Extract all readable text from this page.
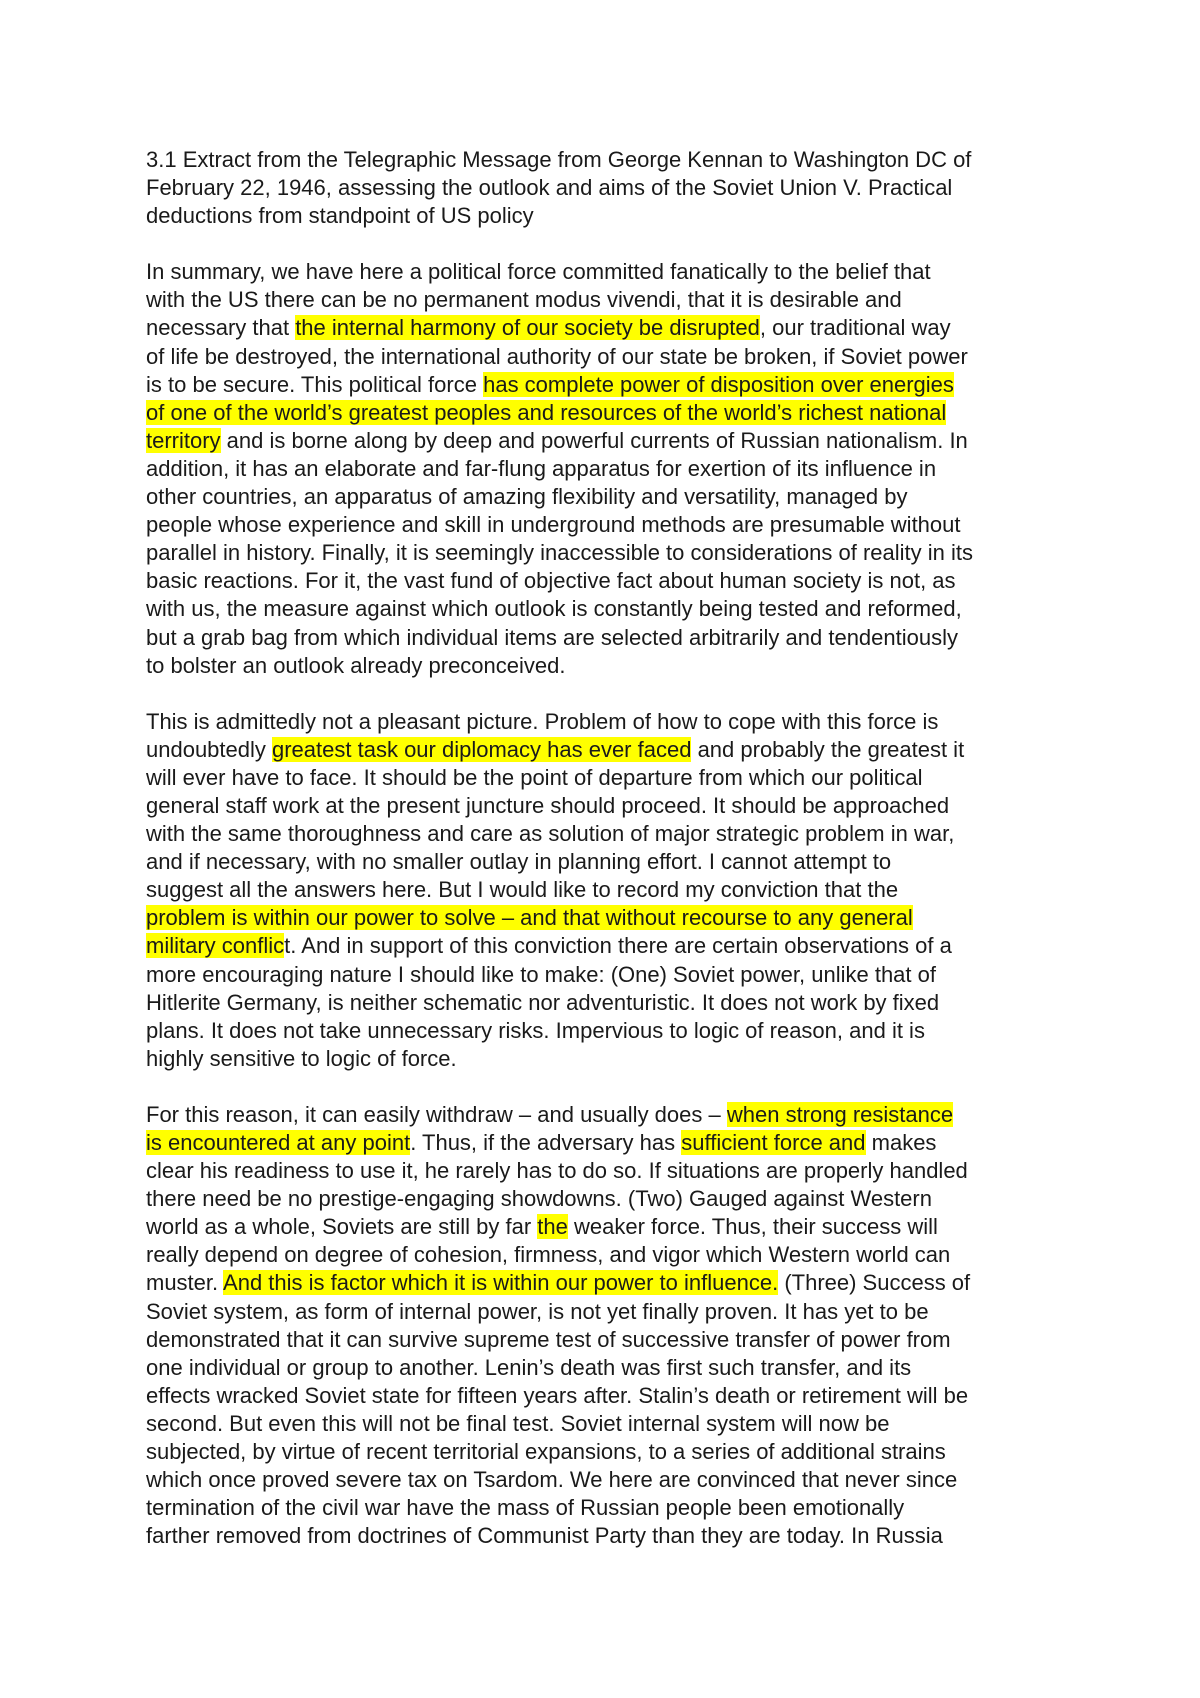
3.1 Extract from the Telegraphic Message from George Kennan to Washington DC of
February 22, 1946, assessing the outlook and aims of the Soviet Union V. Practical
deductions from standpoint of US policy
In summary, we have here a political force committed fanatically to the belief that
with the US there can be no permanent modus vivendi, that it is desirable and
necessary that the internal harmony of our society be disrupted, our traditional way
of life be destroyed, the international authority of our state be broken, if Soviet power
is to be secure. This political force has complete power of disposition over energies
of one of the world’s greatest peoples and resources of the world’s richest national
territory and is borne along by deep and powerful currents of Russian nationalism. In
addition, it has an elaborate and far-flung apparatus for exertion of its influence in
other countries, an apparatus of amazing flexibility and versatility, managed by
people whose experience and skill in underground methods are presumable without
parallel in history. Finally, it is seemingly inaccessible to considerations of reality in its
basic reactions. For it, the vast fund of objective fact about human society is not, as
with us, the measure against which outlook is constantly being tested and reformed,
but a grab bag from which individual items are selected arbitrarily and tendentiously
to bolster an outlook already preconceived.
This is admittedly not a pleasant picture. Problem of how to cope with this force is
undoubtedly greatest task our diplomacy has ever faced and probably the greatest it
will ever have to face. It should be the point of departure from which our political
general staff work at the present juncture should proceed. It should be approached
with the same thoroughness and care as solution of major strategic problem in war,
and if necessary, with no smaller outlay in planning effort. I cannot attempt to
suggest all the answers here. But I would like to record my conviction that the
problem is within our power to solve – and that without recourse to any general
military conflict. And in support of this conviction there are certain observations of a
more encouraging nature I should like to make: (One) Soviet power, unlike that of
Hitlerite Germany, is neither schematic nor adventuristic. It does not work by fixed
plans. It does not take unnecessary risks. Impervious to logic of reason, and it is
highly sensitive to logic of force.
For this reason, it can easily withdraw – and usually does – when strong resistance
is encountered at any point. Thus, if the adversary has sufficient force and makes
clear his readiness to use it, he rarely has to do so. If situations are properly handled
there need be no prestige-engaging showdowns. (Two) Gauged against Western
world as a whole, Soviets are still by far the weaker force. Thus, their success will
really depend on degree of cohesion, firmness, and vigor which Western world can
muster. And this is factor which it is within our power to influence. (Three) Success of
Soviet system, as form of internal power, is not yet finally proven. It has yet to be
demonstrated that it can survive supreme test of successive transfer of power from
one individual or group to another. Lenin’s death was first such transfer, and its
effects wracked Soviet state for fifteen years after. Stalin’s death or retirement will be
second. But even this will not be final test. Soviet internal system will now be
subjected, by virtue of recent territorial expansions, to a series of additional strains
which once proved severe tax on Tsardom. We here are convinced that never since
termination of the civil war have the mass of Russian people been emotionally
farther removed from doctrines of Communist Party than they are today. In Russia
